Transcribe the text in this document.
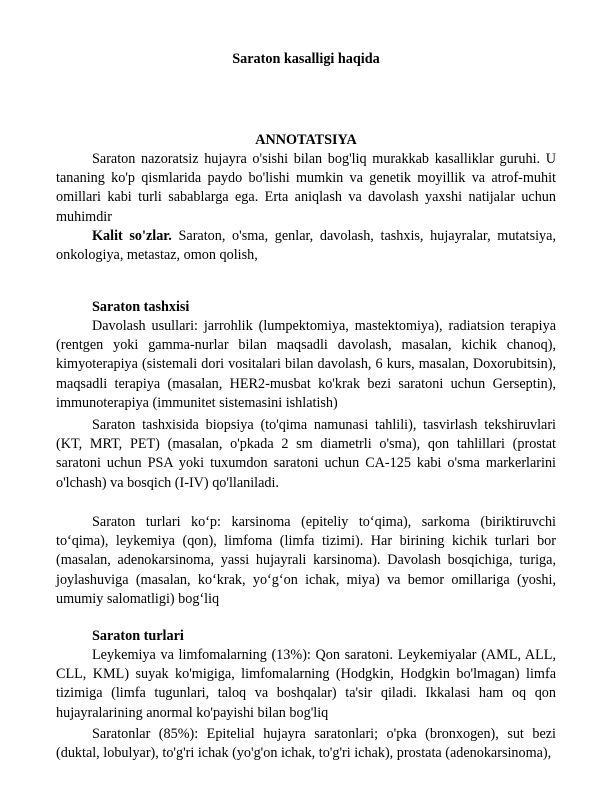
Saraton kasalligi haqida
ANNOTATSIYA

Saraton nazoratsiz hujayra o'sishi bilan bog'liq murakkab kasalliklar guruhi. U tananing ko'p qismlarida paydo bo'lishi mumkin va genetik moyillik va atrof-muhit omillari kabi turli sabablarga ega. Erta aniqlash va davolash yaxshi natijalar uchun muhimdir

Kalit so'zlar. Saraton, o'sma, genlar, davolash, tashxis, hujayralar, mutatsiya, onkologiya, metastaz, omon qolish,

Saraton tashxisi

Davolash usullari: jarrohlik (lumpektomiya, mastektomiya), radiatsion terapiya (rentgen yoki gamma-nurlar bilan maqsadli davolash, masalan, kichik chanoq), kimyoterapiya (sistemali dori vositalari bilan davolash, 6 kurs, masalan, Doxorubitsin), maqsadli terapiya (masalan, HER2-musbat ko'krak bezi saratoni uchun Gerseptin), immunoterapiya (immunitet sistemasini ishlatish)

Saraton tashxisida biopsiya (to'qima namunasi tahlili), tasvirlash tekshiruvlari (KT, MRT, PET) (masalan, o'pkada 2 sm diametrli o'sma), qon tahlillari (prostat saratoni uchun PSA yoki tuxumdon saratoni uchun CA-125 kabi o'sma markerlarini o'lchash) va bosqich (I-IV) qo'llaniladi.

Saraton turlari ko‘p: karsinoma (epiteliy to‘qima), sarkoma (biriktiruvchi to‘qima), leykemiya (qon), limfoma (limfa tizimi). Har birining kichik turlari bor (masalan, adenokarsinoma, yassi hujayrali karsinoma). Davolash bosqichiga, turiga, joylashuviga (masalan, ko‘krak, yo‘g‘on ichak, miya) va bemor omillariga (yoshi, umumiy salomatligi) bog‘liq

Saraton turlari

Leykemiya va limfomalarning (13%): Qon saratoni. Leykemiyalar (AML, ALL, CLL, KML) suyak ko'migiga, limfomalarning (Hodgkin, Hodgkin bo'lmagan) limfa tizimiga (limfa tugunlari, taloq va boshqalar) ta'sir qiladi. Ikkalasi ham oq qon hujayralarining anormal ko'payishi bilan bog'liq

Saratonlar (85%): Epitelial hujayra saratonlari; o'pka (bronxogen), sut bezi (duktal, lobulyar), to'g'ri ichak (yo'g'on ichak, to'g'ri ichak), prostata (adenokarsinoma),
